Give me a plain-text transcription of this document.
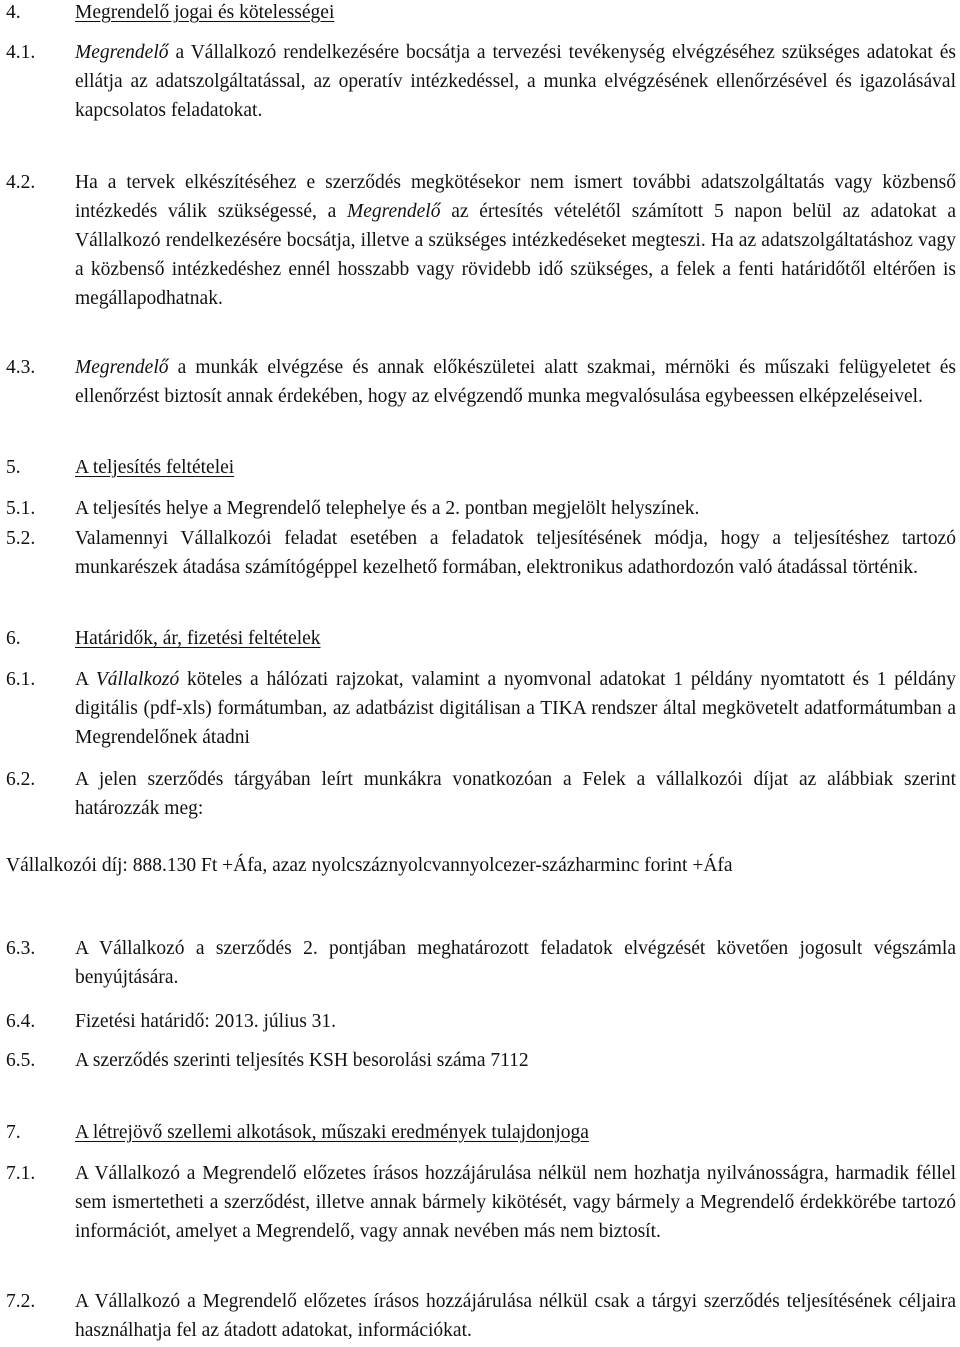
4.	Megrendelő jogai és kötelességei
4.1. Megrendelő a Vállalkozó rendelkezésére bocsátja a tervezési tevékenység elvégzéséhez szükséges adatokat és ellátja az adatszolgáltatással, az operatív intézkedéssel, a munka elvégzésének ellenőrzésével és igazolásával kapcsolatos feladatokat.
4.2. Ha a tervek elkészítéséhez e szerződés megkötésekor nem ismert további adatszolgáltatás vagy közbenső intézkedés válik szükségessé, a Megrendelő az értesítés vételétől számított 5 napon belül az adatokat a Vállalkozó rendelkezésére bocsátja, illetve a szükséges intézkedéseket megteszi. Ha az adatszolgáltatáshoz vagy a közbenső intézkedéshez ennél hosszabb vagy rövidebb idő szükséges, a felek a fenti határidőtől eltérően is megállapodhatnak.
4.3. Megrendelő a munkák elvégzése és annak előkészületei alatt szakmai, mérnöki és műszaki felügyeletet és ellenőrzést biztosít annak érdekében, hogy az elvégzendő munka megvalósulása egybeessen elképzeléseivel.
5.	A teljesítés feltételei
5.1. A teljesítés helye a Megrendelő telephelye és a 2. pontban megjelölt helyszínek.
5.2. Valamennyi Vállalkozói feladat esetében a feladatok teljesítésének módja, hogy a teljesítéshez tartozó munkarészek átadása számítógéppel kezelhető formában, elektronikus adathordozón való átadással történik.
6.	Határidők, ár, fizetési feltételek
6.1. A Vállalkozó köteles a hálózati rajzokat, valamint a nyomvonal adatokat 1 példány nyomtatott és 1 példány digitális (pdf-xls) formátumban, az adatbázist digitálisan a TIKA rendszer által megkövetelt adatformátumban a Megrendelőnek átadni
6.2. A jelen szerződés tárgyában leírt munkákra vonatkozóan a Felek a vállalkozói díjat az alábbiak szerint határozzák meg:
Vállalkozói díj: 888.130 Ft +Áfa, azaz nyolcszáznyolcvannyolcezer-százharminc forint +Áfa
6.3. A Vállalkozó a szerződés 2. pontjában meghatározott feladatok elvégzését követően jogosult végszámla benyújtására.
6.4. Fizetési határidő: 2013. július 31.
6.5. A szerződés szerinti teljesítés KSH besorolási száma 7112
7.	A létrejövő szellemi alkotások, műszaki eredmények tulajdonjoga
7.1. A Vállalkozó a Megrendelő előzetes írásos hozzájárulása nélkül nem hozhatja nyilvánosságra, harmadik féllel sem ismertetheti a szerződést, illetve annak bármely kikötését, vagy bármely a Megrendelő érdekkörébe tartozó információt, amelyet a Megrendelő, vagy annak nevében más nem biztosít.
7.2. A Vállalkozó a Megrendelő előzetes írásos hozzájárulása nélkül csak a tárgyi szerződés teljesítésének céljaira használhatja fel az átadott adatokat, információkat.
